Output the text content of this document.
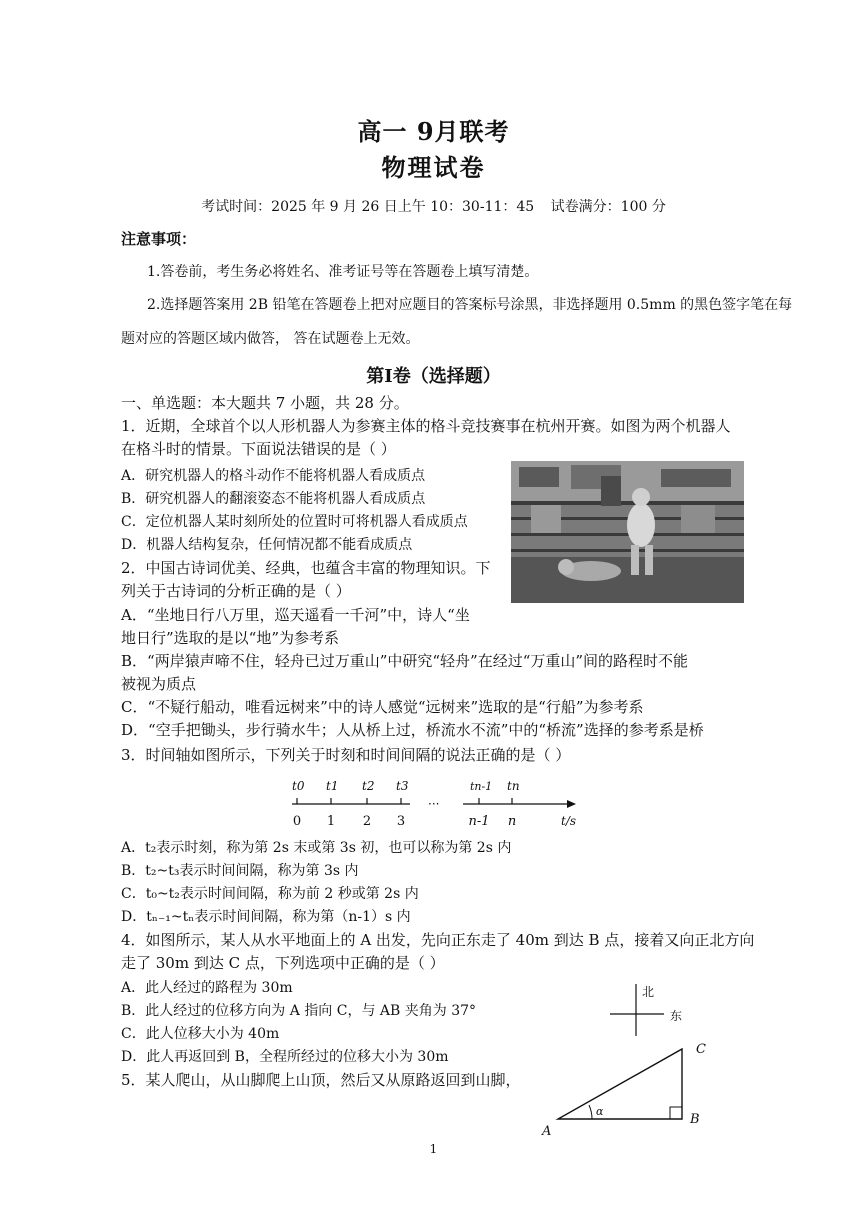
高一 9月联考
物理试卷
考试时间：2025 年 9 月 26 日上午 10：30-11：45 试卷满分：100 分
注意事项：
1.答卷前，考生务必将姓名、准考证号等在答题卷上填写清楚。
2.选择题答案用 2B 铅笔在答题卷上把对应题目的答案标号涂黑，非选择题用 0.5mm 的黑色签字笔在每
题对应的答题区域内做答， 答在试题卷上无效。
第Ⅰ卷（选择题）
一、单选题：本大题共 7 小题，共 28 分。
1．近期，全球首个以人形机器人为参赛主体的格斗竞技赛事在杭州开赛。如图为两个机器人
在格斗时的情景。下面说法错误的是（ ）
A．研究机器人的格斗动作不能将机器人看成质点
B．研究机器人的翻滚姿态不能将机器人看成质点
C．定位机器人某时刻所处的位置时可将机器人看成质点
D．机器人结构复杂，任何情况都不能看成质点
2．中国古诗词优美、经典，也蕴含丰富的物理知识。下
列关于古诗词的分析正确的是（ ）
A．“坐地日行八万里，巡天遥看一千河”中，诗人“坐
地日行”选取的是以“地”为参考系
B．“两岸猿声啼不住，轻舟已过万重山”中研究“轻舟”在经过“万重山”间的路程时不能
被视为质点
C．“不疑行船动，唯看远树来”中的诗人感觉“远树来”选取的是“行船”为参考系
D．“空手把锄头，步行骑水牛；人从桥上过，桥流水不流”中的“桥流”选择的参考系是桥
3．时间轴如图所示，下列关于时刻和时间间隔的说法正确的是（ ）
t0 t1 t2 t3	tn-1 tn
···
0 1 2 3	n-1 n	t/s
A．t₂表示时刻，称为第 2s 末或第 3s 初，也可以称为第 2s 内
B．t₂~t₃表示时间间隔，称为第 3s 内
C．t₀~t₂表示时间间隔，称为前 2 秒或第 2s 内
D．tₙ₋₁~tₙ表示时间间隔，称为第（n-1）s 内
4．如图所示，某人从水平地面上的 A 出发，先向正东走了 40m 到达 B 点，接着又向正北方向
走了 30m 到达 C 点，下列选项中正确的是（ ）
A．此人经过的路程为 30m
B．此人经过的位移方向为 A 指向 C，与 AB 夹角为 37°
C．此人位移大小为 40m
D．此人再返回到 B，全程所经过的位移大小为 30m
北
东
α
A
B
C
5．某人爬山，从山脚爬上山顶，然后又从原路返回到山脚，
1
